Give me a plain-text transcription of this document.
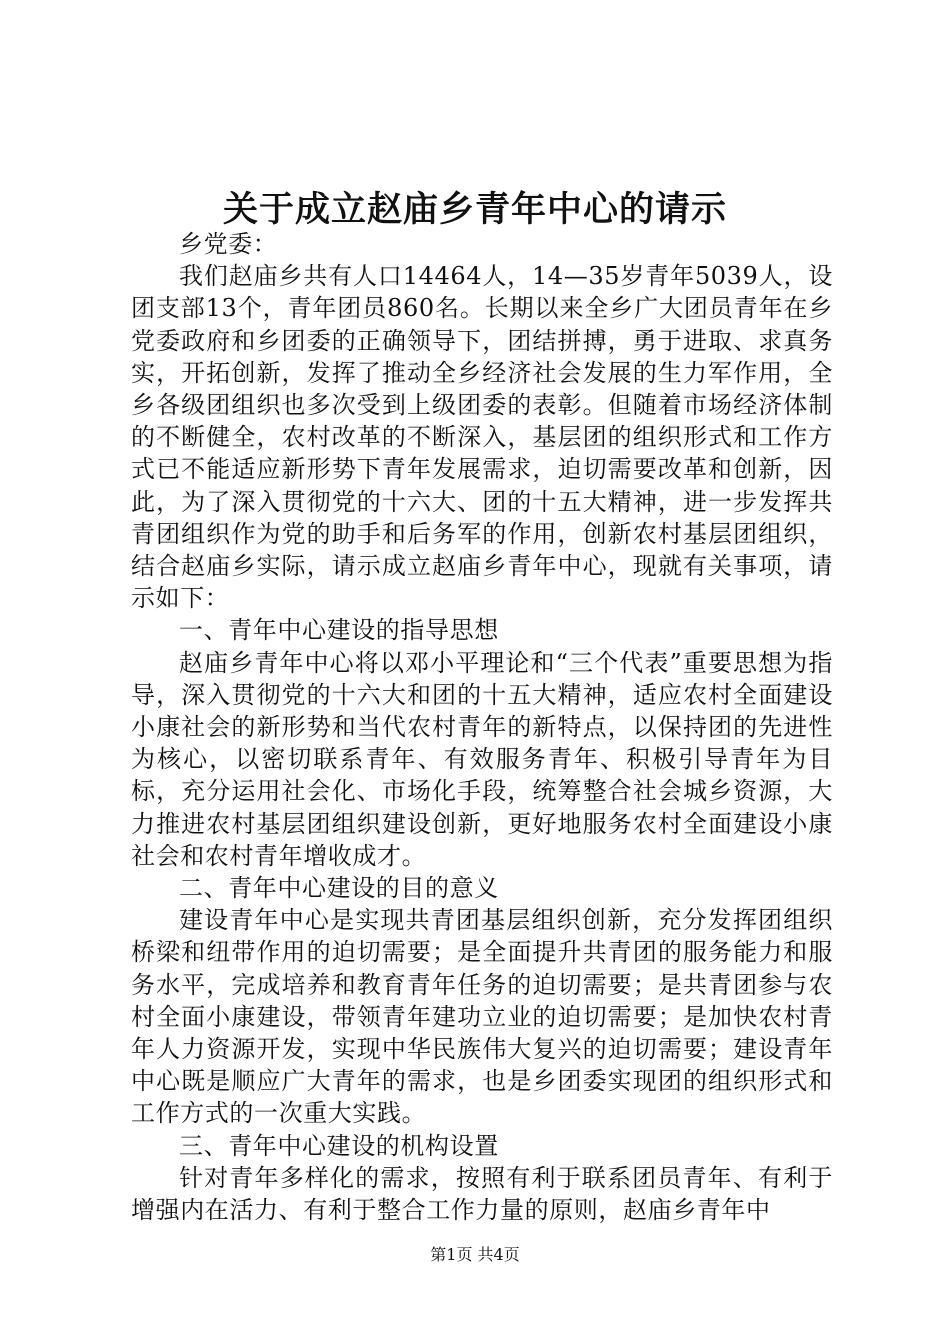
关于成立赵庙乡青年中心的请示

乡党委：

我们赵庙乡共有人口14464人，14—35岁青年5039人，设团支部13个，青年团员860名。长期以来全乡广大团员青年在乡党委政府和乡团委的正确领导下，团结拼搏，勇于进取、求真务实，开拓创新，发挥了推动全乡经济社会发展的生力军作用，全乡各级团组织也多次受到上级团委的表彰。但随着市场经济体制的不断健全，农村改革的不断深入，基层团的组织形式和工作方式已不能适应新形势下青年发展需求，迫切需要改革和创新，因此，为了深入贯彻党的十六大、团的十五大精神，进一步发挥共青团组织作为党的助手和后务军的作用，创新农村基层团组织，结合赵庙乡实际，请示成立赵庙乡青年中心，现就有关事项，请示如下：

一、青年中心建设的指导思想

赵庙乡青年中心将以邓小平理论和“三个代表”重要思想为指导，深入贯彻党的十六大和团的十五大精神，适应农村全面建设小康社会的新形势和当代农村青年的新特点，以保持团的先进性为核心，以密切联系青年、有效服务青年、积极引导青年为目标，充分运用社会化、市场化手段，统筹整合社会城乡资源，大力推进农村基层团组织建设创新，更好地服务农村全面建设小康社会和农村青年增收成才。

二、青年中心建设的目的意义

建设青年中心是实现共青团基层组织创新，充分发挥团组织桥梁和纽带作用的迫切需要；是全面提升共青团的服务能力和服务水平，完成培养和教育青年任务的迫切需要；是共青团参与农村全面小康建设，带领青年建功立业的迫切需要；是加快农村青年人力资源开发，实现中华民族伟大复兴的迫切需要；建设青年中心既是顺应广大青年的需求，也是乡团委实现团的组织形式和工作方式的一次重大实践。

三、青年中心建设的机构设置

针对青年多样化的需求，按照有利于联系团员青年、有利于增强内在活力、有利于整合工作力量的原则，赵庙乡青年中

第1页 共4页
